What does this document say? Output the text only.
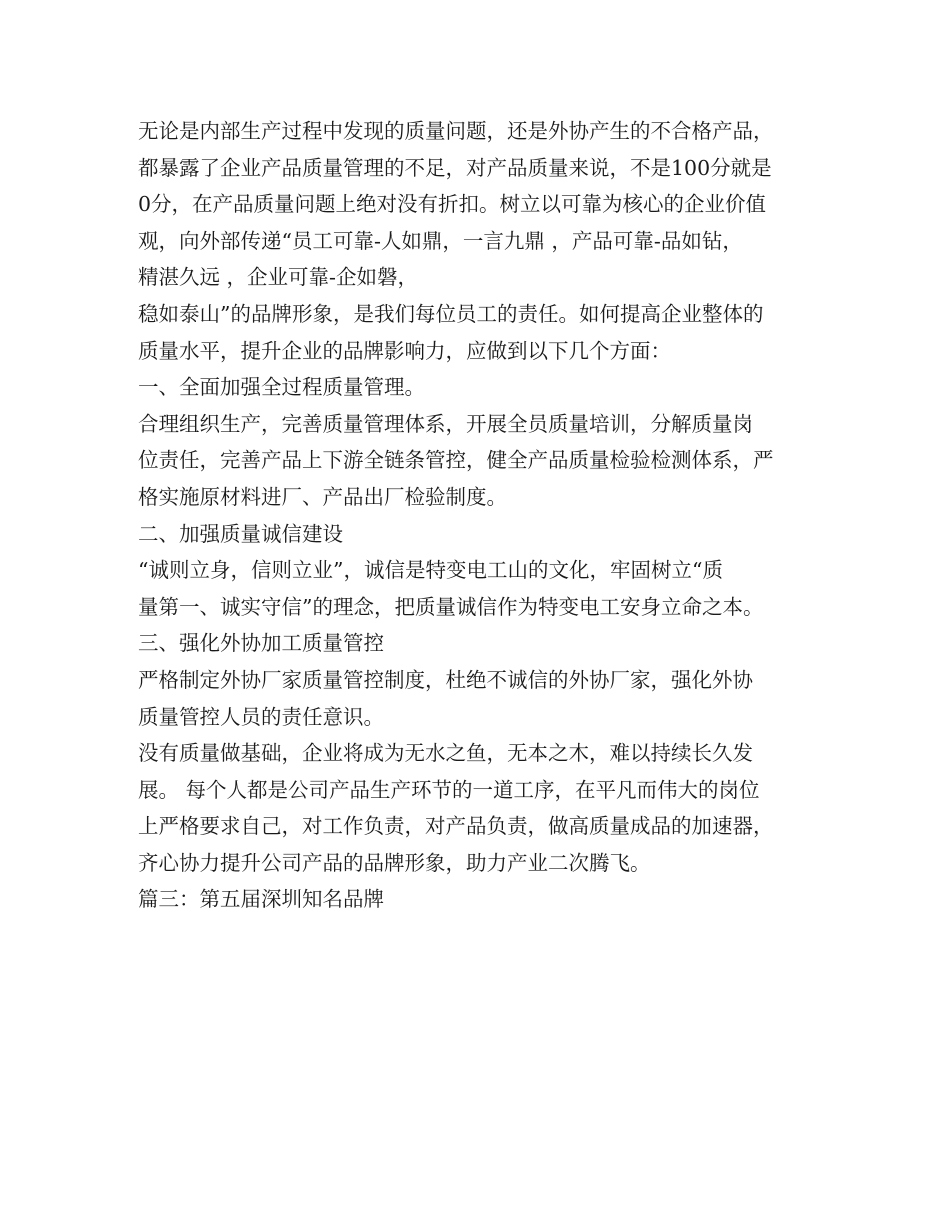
无论是内部生产过程中发现的质量问题，还是外协产生的不合格产品，
都暴露了企业产品质量管理的不足，对产品质量来说，不是100分就是
0分，在产品质量问题上绝对没有折扣。树立以可靠为核心的企业价值
观，向外部传递“员工可靠-人如鼎，一言九鼎 ，产品可靠-品如钻，
精湛久远 ，企业可靠-企如磐，
稳如泰山”的品牌形象，是我们每位员工的责任。如何提高企业整体的
质量水平，提升企业的品牌影响力，应做到以下几个方面：
一、全面加强全过程质量管理。
合理组织生产，完善质量管理体系，开展全员质量培训，分解质量岗
位责任，完善产品上下游全链条管控，健全产品质量检验检测体系，严
格实施原材料进厂、产品出厂检验制度。
二、加强质量诚信建设
“诚则立身，信则立业”，诚信是特变电工山的文化，牢固树立“质
量第一、诚实守信”的理念，把质量诚信作为特变电工安身立命之本。
三、强化外协加工质量管控
严格制定外协厂家质量管控制度，杜绝不诚信的外协厂家，强化外协
质量管控人员的责任意识。
没有质量做基础，企业将成为无水之鱼，无本之木，难以持续长久发
展。 每个人都是公司产品生产环节的一道工序，在平凡而伟大的岗位
上严格要求自己，对工作负责，对产品负责，做高质量成品的加速器，
齐心协力提升公司产品的品牌形象，助力产业二次腾飞。
篇三：第五届深圳知名品牌
